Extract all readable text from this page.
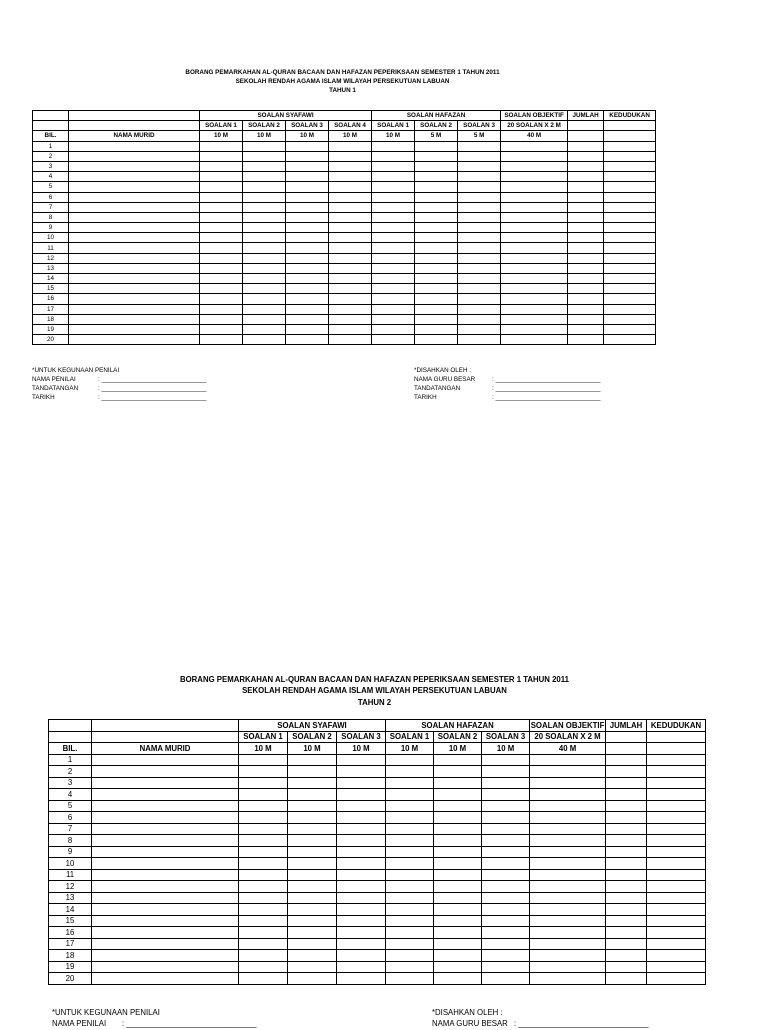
BORANG PEMARKAHAN AL-QURAN BACAAN DAN HAFAZAN PEPERIKSAAN SEMESTER 1 TAHUN 2011
SEKOLAH RENDAH AGAMA ISLAM WILAYAH PERSEKUTUAN LABUAN
TAHUN 1
		SOALAN SYAFAWI				SOALAN HAFAZAN			SOALAN OBJEKTIF	JUMLAH	KEDUDUKAN
		SOALAN 1	SOALAN 2	SOALAN 3	SOALAN 4	SOALAN 1	SOALAN 2	SOALAN 3	20 SOALAN X 2 M		
BIL.	NAMA MURID	10 M	10 M	10 M	10 M	10 M	5 M	5 M	40 M		
1											
2											
3											
4											
5											
6											
7											
8											
9											
10											
11											
12											
13											
14											
15											
16											
17											
18											
19											
20											
*UNTUK KEGUNAAN PENILAI
NAMA PENILAI	: ______________________________
TANDATANGAN	: ______________________________
TARIKH	: ______________________________
*DISAHKAN OLEH :
NAMA GURU BESAR	: ______________________________
TANDATANGAN	: ______________________________
TARIKH	: ______________________________
BORANG PEMARKAHAN AL-QURAN BACAAN DAN HAFAZAN PEPERIKSAAN SEMESTER 1 TAHUN 2011
SEKOLAH RENDAH AGAMA ISLAM WILAYAH PERSEKUTUAN LABUAN
TAHUN 2
		SOALAN SYAFAWI			SOALAN HAFAZAN			SOALAN OBJEKTIF	JUMLAH	KEDUDUKAN
		SOALAN 1	SOALAN 2	SOALAN 3	SOALAN 1	SOALAN 2	SOALAN 3	20 SOALAN X 2 M		
BIL.	NAMA MURID	10 M	10 M	10 M	10 M	10 M	10 M	40 M		
1										
2										
3										
4										
5										
6										
7										
8										
9										
10										
11										
12										
13										
14										
15										
16										
17										
18										
19										
20										
*UNTUK KEGUNAAN PENILAI
NAMA PENILAI	: ______________________________
*DISAHKAN OLEH :
NAMA GURU BESAR : ______________________________
